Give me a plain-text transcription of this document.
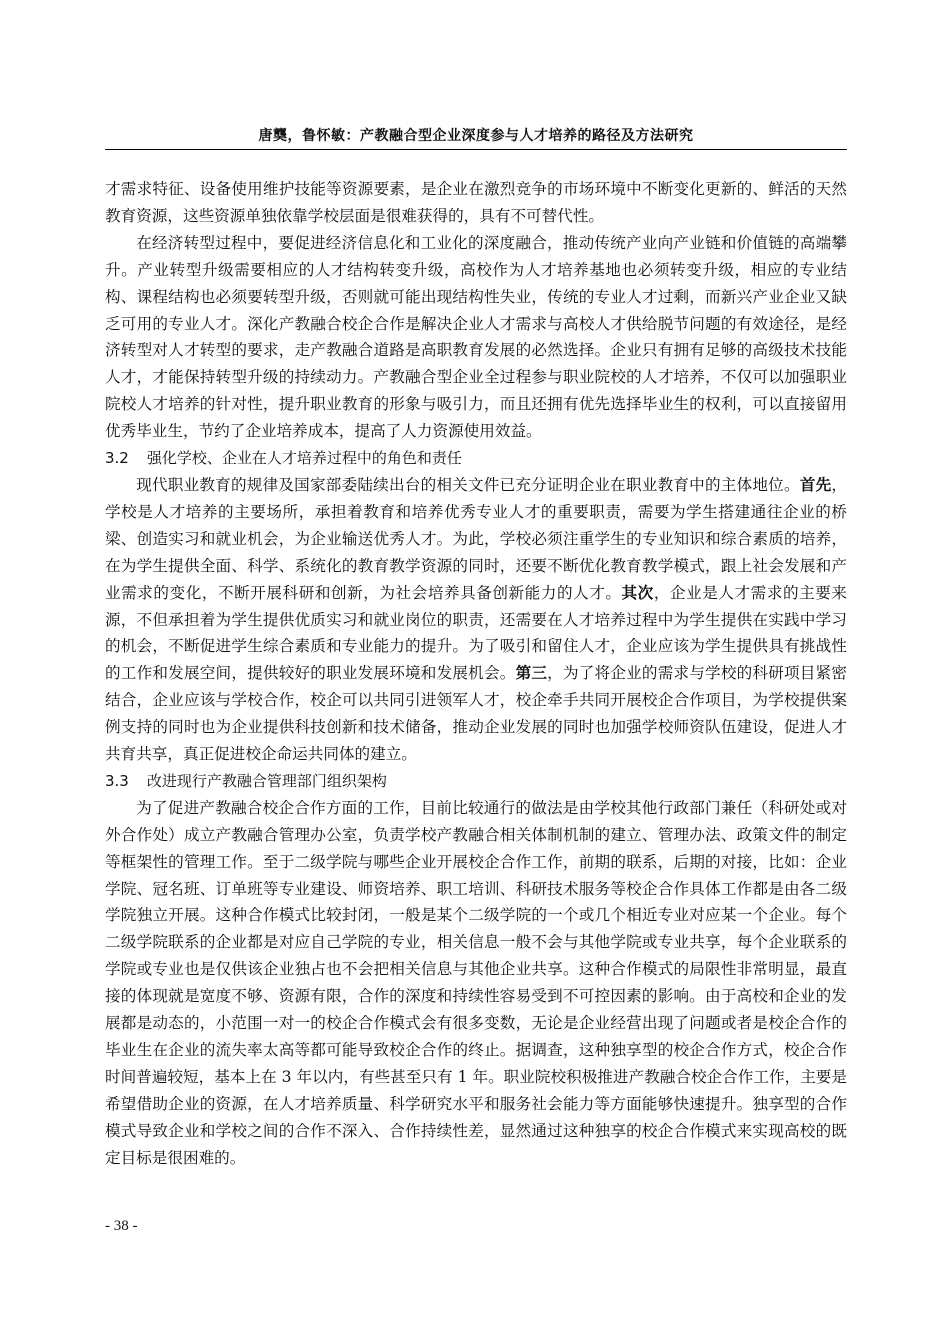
唐龑，鲁怀敏：产教融合型企业深度参与人才培养的路径及方法研究

才需求特征、设备使用维护技能等资源要素，是企业在激烈竞争的市场环境中不断变化更新的、鲜活的天然教育资源，这些资源单独依靠学校层面是很难获得的，具有不可替代性。

在经济转型过程中，要促进经济信息化和工业化的深度融合，推动传统产业向产业链和价值链的高端攀升。产业转型升级需要相应的人才结构转变升级，高校作为人才培养基地也必须转变升级，相应的专业结构、课程结构也必须要转型升级，否则就可能出现结构性失业，传统的专业人才过剩，而新兴产业企业又缺乏可用的专业人才。深化产教融合校企合作是解决企业人才需求与高校人才供给脱节问题的有效途径，是经济转型对人才转型的要求，走产教融合道路是高职教育发展的必然选择。企业只有拥有足够的高级技术技能人才，才能保持转型升级的持续动力。产教融合型企业全过程参与职业院校的人才培养，不仅可以加强职业院校人才培养的针对性，提升职业教育的形象与吸引力，而且还拥有优先选择毕业生的权利，可以直接留用优秀毕业生，节约了企业培养成本，提高了人力资源使用效益。

3.2 强化学校、企业在人才培养过程中的角色和责任

现代职业教育的规律及国家部委陆续出台的相关文件已充分证明企业在职业教育中的主体地位。首先，学校是人才培养的主要场所，承担着教育和培养优秀专业人才的重要职责，需要为学生搭建通往企业的桥梁、创造实习和就业机会，为企业输送优秀人才。为此，学校必须注重学生的专业知识和综合素质的培养，在为学生提供全面、科学、系统化的教育教学资源的同时，还要不断优化教育教学模式，跟上社会发展和产业需求的变化，不断开展科研和创新，为社会培养具备创新能力的人才。其次，企业是人才需求的主要来源，不但承担着为学生提供优质实习和就业岗位的职责，还需要在人才培养过程中为学生提供在实践中学习的机会，不断促进学生综合素质和专业能力的提升。为了吸引和留住人才，企业应该为学生提供具有挑战性的工作和发展空间，提供较好的职业发展环境和发展机会。第三，为了将企业的需求与学校的科研项目紧密结合，企业应该与学校合作，校企可以共同引进领军人才，校企牵手共同开展校企合作项目，为学校提供案例支持的同时也为企业提供科技创新和技术储备，推动企业发展的同时也加强学校师资队伍建设，促进人才共育共享，真正促进校企命运共同体的建立。

3.3 改进现行产教融合管理部门组织架构

为了促进产教融合校企合作方面的工作，目前比较通行的做法是由学校其他行政部门兼任（科研处或对外合作处）成立产教融合管理办公室，负责学校产教融合相关体制机制的建立、管理办法、政策文件的制定等框架性的管理工作。至于二级学院与哪些企业开展校企合作工作，前期的联系，后期的对接，比如：企业学院、冠名班、订单班等专业建设、师资培养、职工培训、科研技术服务等校企合作具体工作都是由各二级学院独立开展。这种合作模式比较封闭，一般是某个二级学院的一个或几个相近专业对应某一个企业。每个二级学院联系的企业都是对应自己学院的专业，相关信息一般不会与其他学院或专业共享，每个企业联系的学院或专业也是仅供该企业独占也不会把相关信息与其他企业共享。这种合作模式的局限性非常明显，最直接的体现就是宽度不够、资源有限，合作的深度和持续性容易受到不可控因素的影响。由于高校和企业的发展都是动态的，小范围一对一的校企合作模式会有很多变数，无论是企业经营出现了问题或者是校企合作的毕业生在企业的流失率太高等都可能导致校企合作的终止。据调查，这种独享型的校企合作方式，校企合作时间普遍较短，基本上在 3 年以内，有些甚至只有 1 年。职业院校积极推进产教融合校企合作工作，主要是希望借助企业的资源，在人才培养质量、科学研究水平和服务社会能力等方面能够快速提升。独享型的合作模式导致企业和学校之间的合作不深入、合作持续性差，显然通过这种独享的校企合作模式来实现高校的既定目标是很困难的。

- 38 -
